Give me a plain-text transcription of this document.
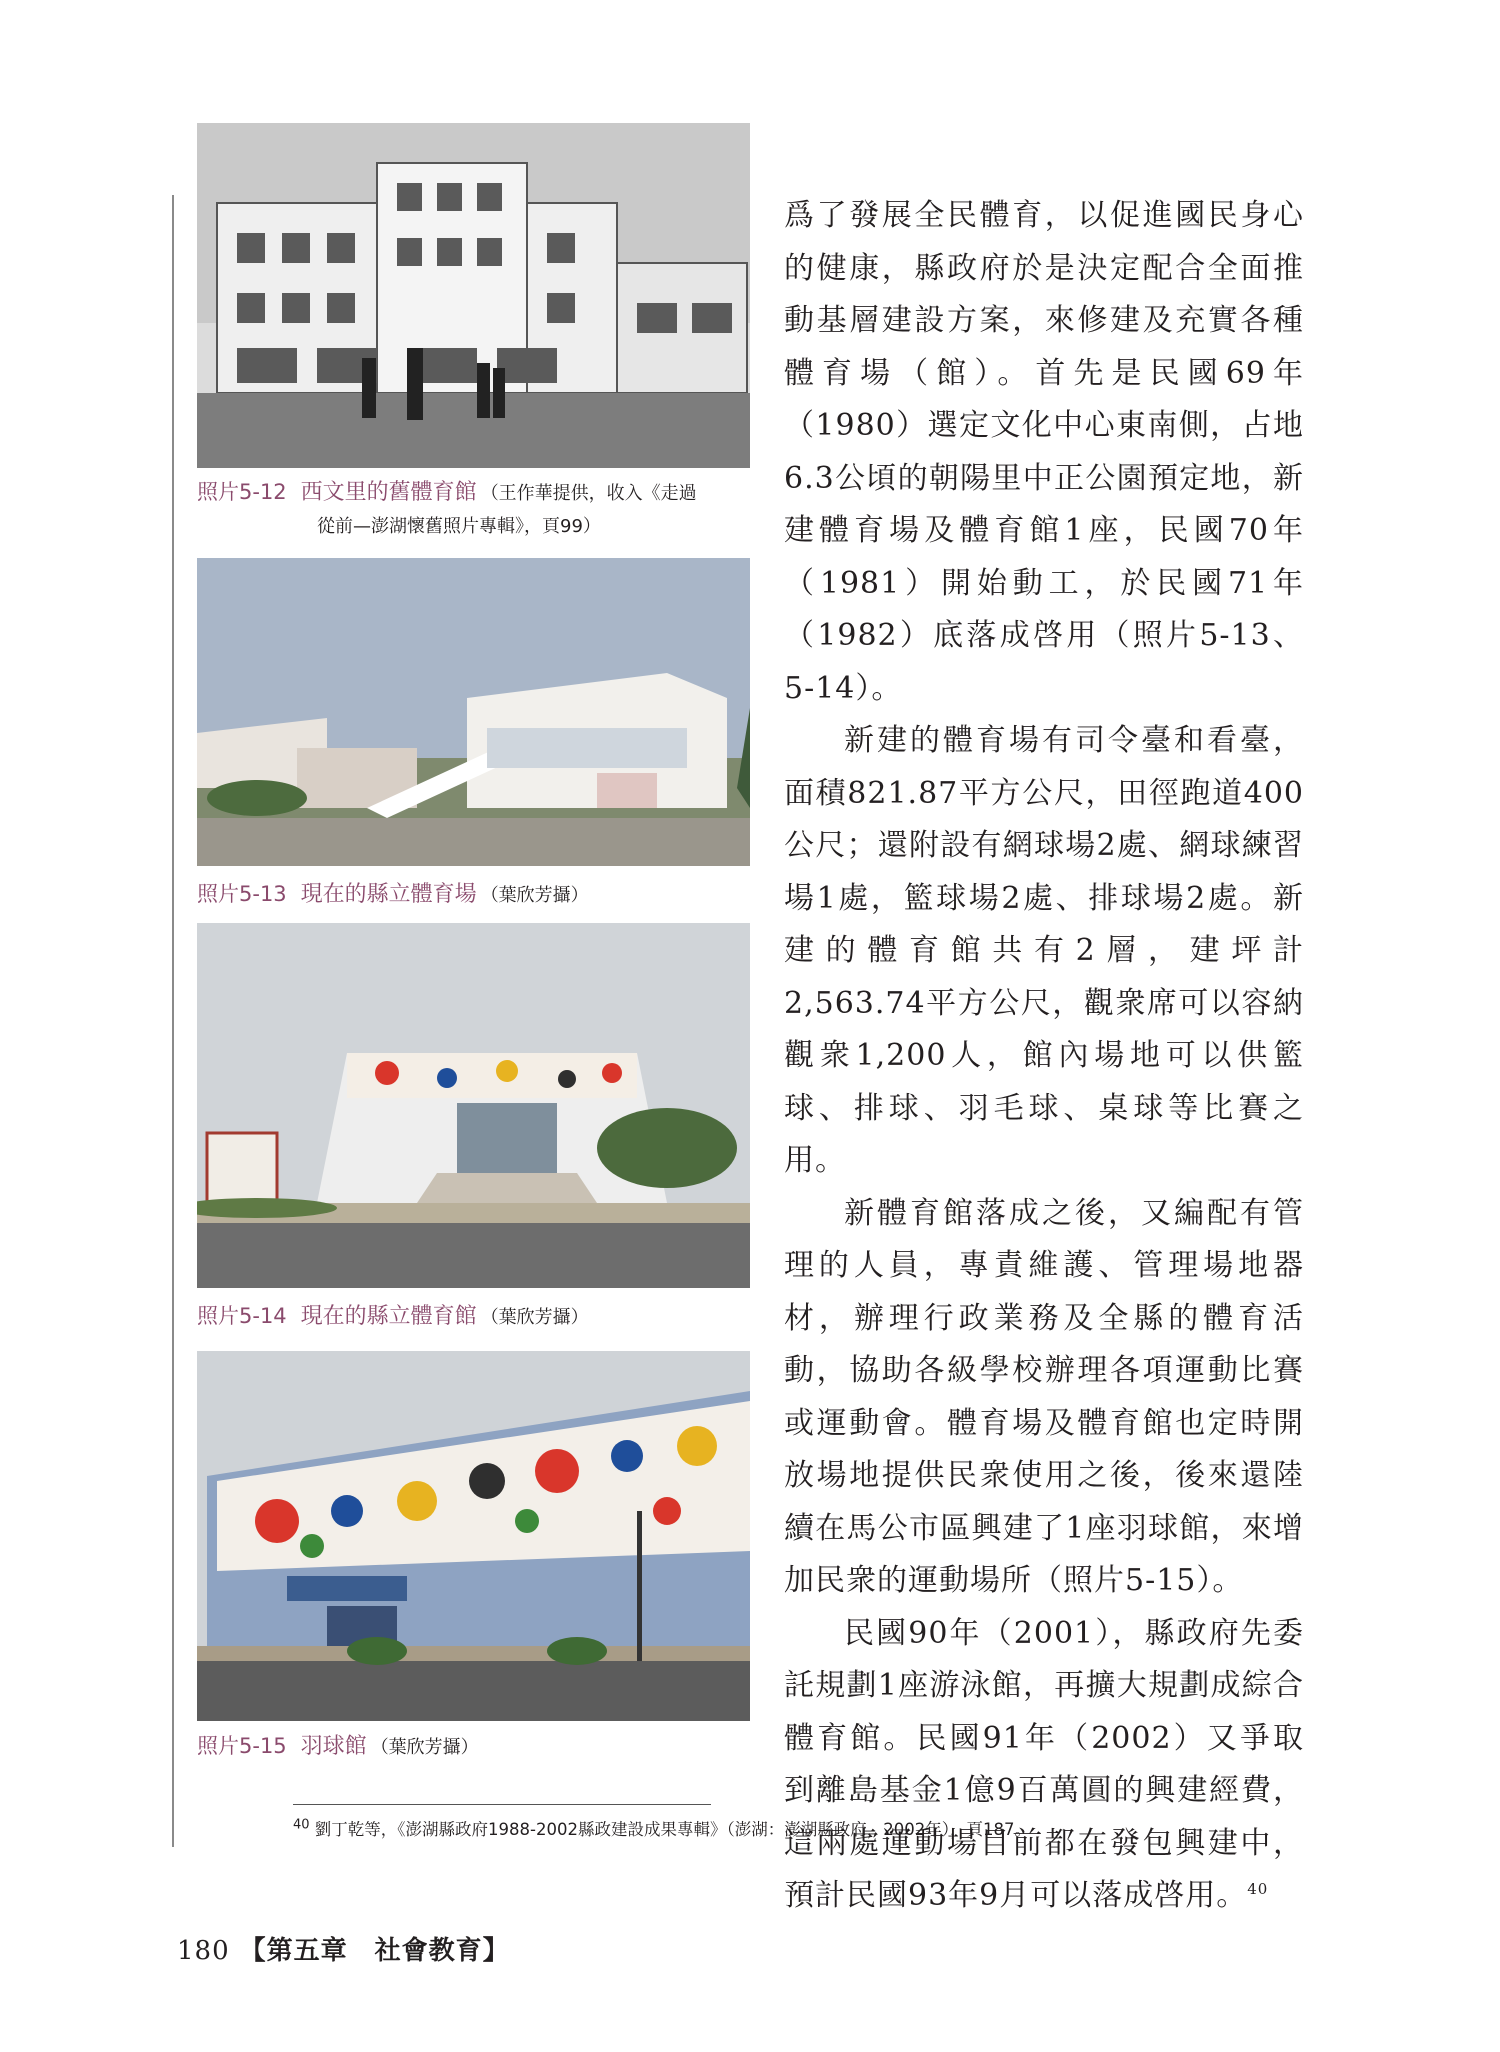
照片5-12 西文里的舊體育館 （王作華提供，收入《走過
從前—澎湖懷舊照片專輯》，頁99）
照片5-13 現在的縣立體育場 （葉欣芳攝）
照片5-14 現在的縣立體育館 （葉欣芳攝）
照片5-15 羽球館 （葉欣芳攝）

爲了發展全民體育，以促進國民身心的健康，縣政府於是決定配合全面推動基層建設方案，來修建及充實各種體育場（館）。首先是民國69年（1980）選定文化中心東南側，占地6.3公頃的朝陽里中正公園預定地，新建體育場及體育館1座，民國70年（1981）開始動工，於民國71年（1982）底落成啓用（照片5-13、5-14）。

新建的體育場有司令臺和看臺，面積821.87平方公尺，田徑跑道400公尺；還附設有網球場2處、網球練習場1處，籃球場2處、排球場2處。新建的體育館共有2層，建坪計2,563.74平方公尺，觀衆席可以容納觀衆1,200人，館內場地可以供籃球、排球、羽毛球、桌球等比賽之用。

新體育館落成之後，又編配有管理的人員，專責維護、管理場地器材，辦理行政業務及全縣的體育活動，協助各級學校辦理各項運動比賽或運動會。體育場及體育館也定時開放場地提供民衆使用之後，後來還陸續在馬公市區興建了1座羽球館，來增加民衆的運動場所（照片5-15）。

民國90年（2001），縣政府先委託規劃1座游泳館，再擴大規劃成綜合體育館。民國91年（2002）又爭取到離島基金1億9百萬圓的興建經費，這兩處運動場目前都在發包興建中，預計民國93年9月可以落成啓用。$^{40}$

$^{40}$ 劉丁乾等，《澎湖縣政府1988-2002縣政建設成果專輯》（澎湖：澎湖縣政府，2002年），頁187。
180 【第五章　社會教育】
